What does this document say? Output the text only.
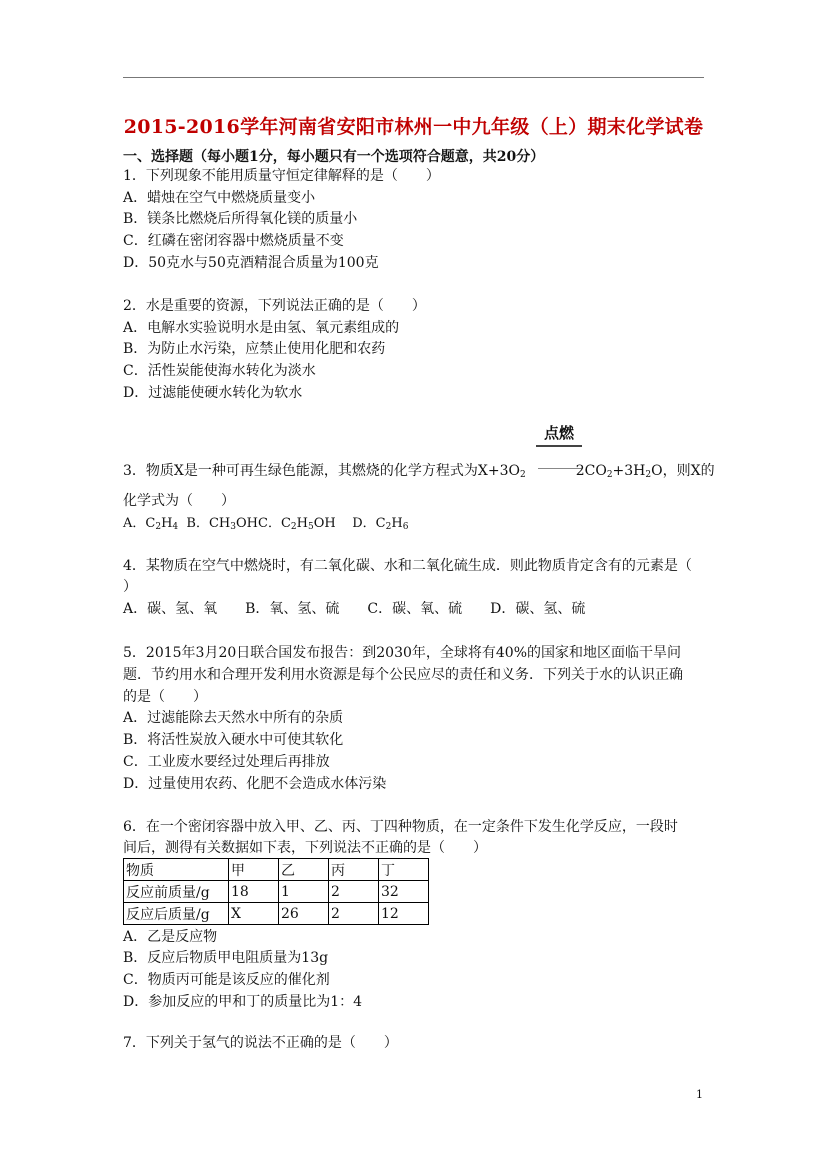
2015-2016学年河南省安阳市林州一中九年级（上）期末化学试卷
一、选择题（每小题1分，每小题只有一个选项符合题意，共20分）
1．下列现象不能用质量守恒定律解释的是（　　）
A．蜡烛在空气中燃烧质量变小
B．镁条比燃烧后所得氧化镁的质量小
C．红磷在密闭容器中燃烧质量不变
D．50克水与50克酒精混合质量为100克
2．水是重要的资源，下列说法正确的是（　　）
A．电解水实验说明水是由氢、氧元素组成的
B．为防止水污染，应禁止使用化肥和农药
C．活性炭能使海水转化为淡水
D．过滤能使硬水转化为软水
点燃
3．物质X是一种可再生绿色能源，其燃烧的化学方程式为$X+3O_2$	$2CO_2+3H_2O$，则X的
化学式为（　　）
A．$C_2H_4$ B．$CH_3OHC$．$C_2H_5OH$ D．$C_2H_6$
4．某物质在空气中燃烧时，有二氧化碳、水和二氧化硫生成．则此物质肯定含有的元素是（
）
A．碳、氢、氧　　B．氧、氢、硫　　C．碳、氧、硫　　D．碳、氢、硫
5．2015年3月20日联合国发布报告：到2030年，全球将有40%的国家和地区面临干旱问
题．节约用水和合理开发利用水资源是每个公民应尽的责任和义务．下列关于水的认识正确
的是（　　）
A．过滤能除去天然水中所有的杂质
B．将活性炭放入硬水中可使其软化
C．工业废水要经过处理后再排放
D．过量使用农药、化肥不会造成水体污染
6．在一个密闭容器中放入甲、乙、丙、丁四种物质，在一定条件下发生化学反应，一段时
间后，测得有关数据如下表，下列说法不正确的是（　　）
物质	甲	乙	丙	丁
反应前质量/g	18	1	2	32
反应后质量/g	X	26	2	12
A．乙是反应物
B．反应后物质甲电阻质量为13g
C．物质丙可能是该反应的催化剂
D．参加反应的甲和丁的质量比为1：4
7．下列关于氢气的说法不正确的是（　　）
1
